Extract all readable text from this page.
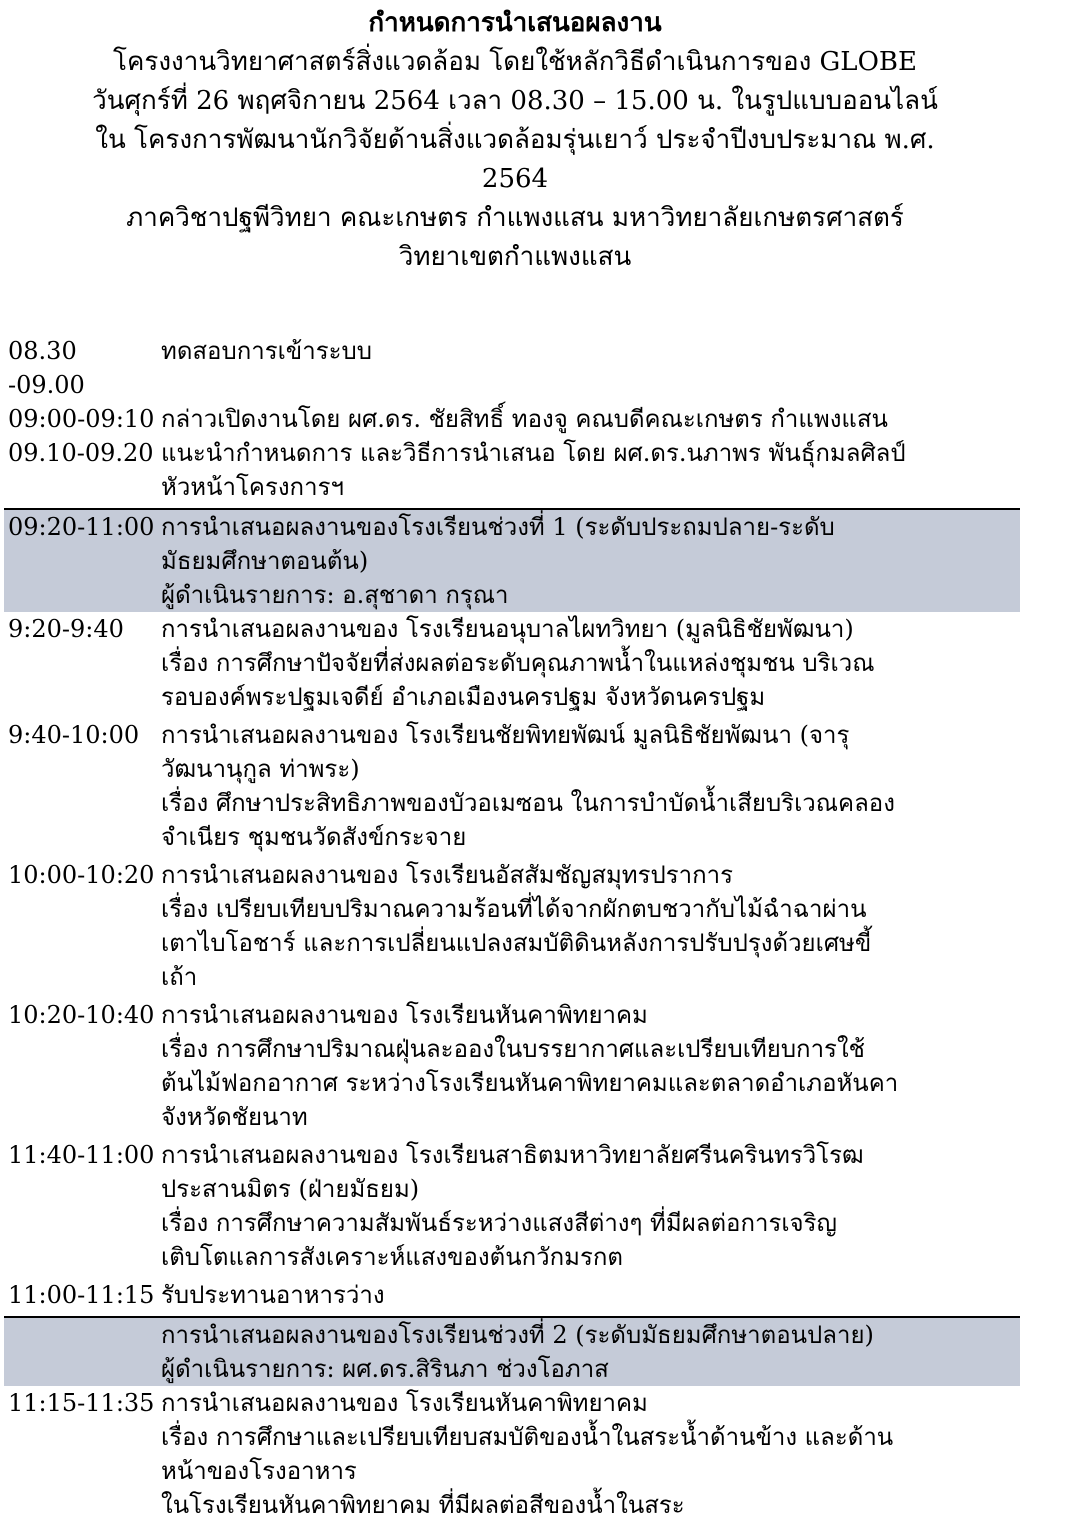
กำหนดการนำเสนอผลงาน
โครงงานวิทยาศาสตร์สิ่งแวดล้อม โดยใช้หลักวิธีดำเนินการของ GLOBE
วันศุกร์ที่ 26 พฤศจิกายน 2564 เวลา 08.30 – 15.00 น. ในรูปแบบออนไลน์
ใน โครงการพัฒนานักวิจัยด้านสิ่งแวดล้อมรุ่นเยาว์ ประจำปีงบประมาณ พ.ศ.
2564
ภาควิชาปฐพีวิทยา คณะเกษตร กำแพงแสน มหาวิทยาลัยเกษตรศาสตร์
วิทยาเขตกำแพงแสน
08.30
-09.00
ทดสอบการเข้าระบบ
09:00-09:10 กล่าวเปิดงานโดย ผศ.ดร. ชัยสิทธิ์ ทองจู คณบดีคณะเกษตร กำแพงแสน
09.10-09.20 แนะนำกำหนดการ และวิธีการนำเสนอ โดย ผศ.ดร.นภาพร พันธุ์กมลศิลป์
หัวหน้าโครงการฯ
09:20-11:00 การนำเสนอผลงานของโรงเรียนช่วงที่ 1 (ระดับประถมปลาย-ระดับ
มัธยมศึกษาตอนต้น)
ผู้ดำเนินรายการ: อ.สุชาดา กรุณา
9:20-9:40	การนำเสนอผลงานของ โรงเรียนอนุบาลไผทวิทยา (มูลนิธิชัยพัฒนา)
เรื่อง การศึกษาปัจจัยที่ส่งผลต่อระดับคุณภาพน้ำในแหล่งชุมชน บริเวณ
รอบองค์พระปฐมเจดีย์ อำเภอเมืองนครปฐม จังหวัดนครปฐม
9:40-10:00 การนำเสนอผลงานของ โรงเรียนชัยพิทยพัฒน์ มูลนิธิชัยพัฒนา (จารุ
วัฒนานุกูล ท่าพระ)
เรื่อง ศึกษาประสิทธิภาพของบัวอเมซอน ในการบำบัดน้ำเสียบริเวณคลอง
จำเนียร ชุมชนวัดสังข์กระจาย
10:00-10:20 การนำเสนอผลงานของ โรงเรียนอัสสัมชัญสมุทรปราการ
เรื่อง เปรียบเทียบปริมาณความร้อนที่ได้จากผักตบชวากับไม้ฉำฉาผ่าน
เตาไบโอชาร์ และการเปลี่ยนแปลงสมบัติดินหลังการปรับปรุงด้วยเศษขี้
เถ้า
10:20-10:40 การนำเสนอผลงานของ โรงเรียนหันคาพิทยาคม
เรื่อง การศึกษาปริมาณฝุ่นละอองในบรรยากาศและเปรียบเทียบการใช้
ต้นไม้ฟอกอากาศ ระหว่างโรงเรียนหันคาพิทยาคมและตลาดอำเภอหันคา
จังหวัดชัยนาท
11:40-11:00 การนำเสนอผลงานของ โรงเรียนสาธิตมหาวิทยาลัยศรีนครินทรวิโรฒ
ประสานมิตร (ฝ่ายมัธยม)
เรื่อง การศึกษาความสัมพันธ์ระหว่างแสงสีต่างๆ ที่มีผลต่อการเจริญ
เติบโตแลการสังเคราะห์แสงของต้นกวักมรกต
11:00-11:15 รับประทานอาหารว่าง
การนำเสนอผลงานของโรงเรียนช่วงที่ 2 (ระดับมัธยมศึกษาตอนปลาย)
ผู้ดำเนินรายการ: ผศ.ดร.สิรินภา ช่วงโอภาส
11:15-11:35 การนำเสนอผลงานของ โรงเรียนหันคาพิทยาคม
เรื่อง การศึกษาและเปรียบเทียบสมบัติของน้ำในสระน้ำด้านข้าง และด้าน
หน้าของโรงอาหาร
ในโรงเรียนหันคาพิทยาคม ที่มีผลต่อสีของน้ำในสระ
